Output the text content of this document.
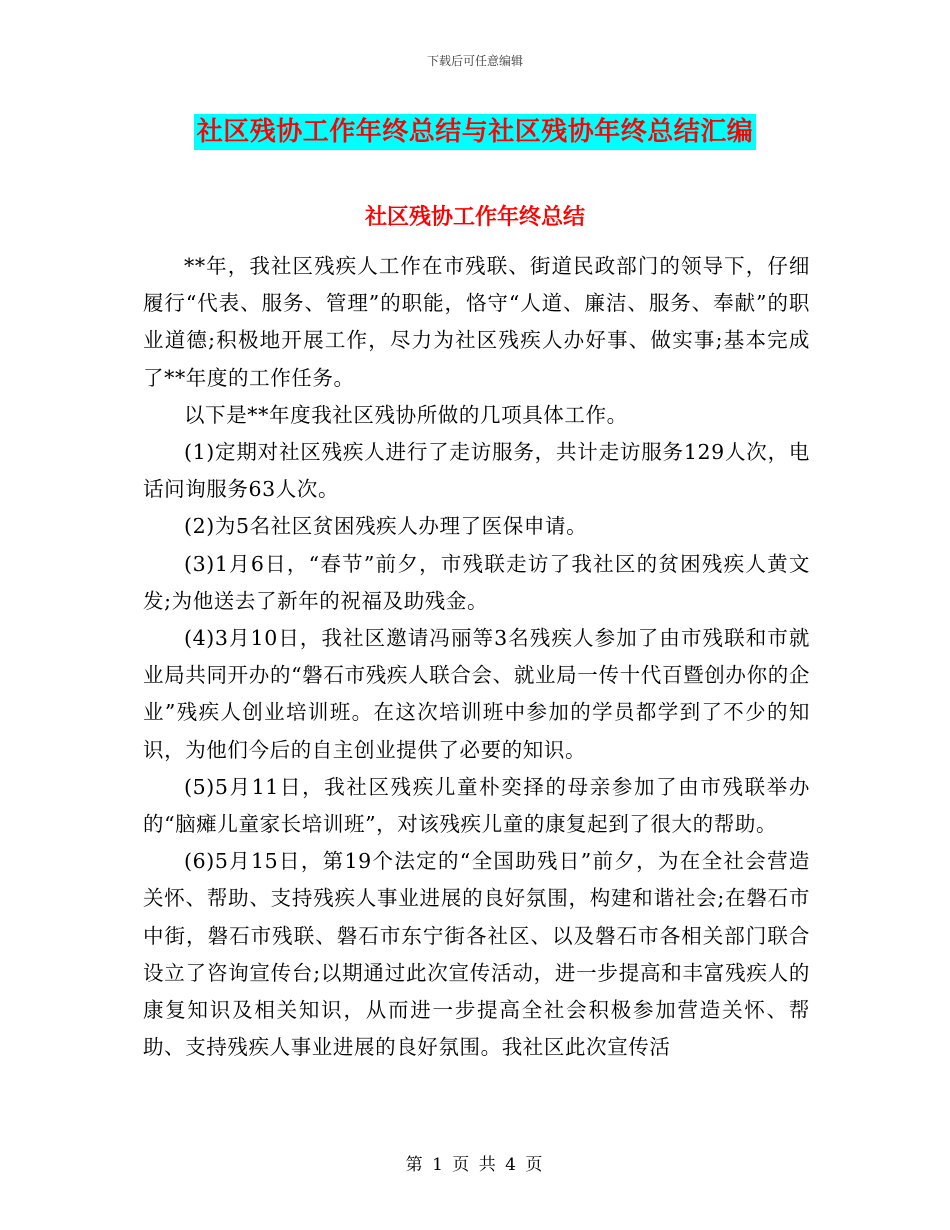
下载后可任意编辑
社区残协工作年终总结与社区残协年终总结汇编
社区残协工作年终总结

**年，我社区残疾人工作在市残联、街道民政部门的领导下，仔细履行“代表、服务、管理”的职能，恪守“人道、廉洁、服务、奉献”的职业道德;积极地开展工作，尽力为社区残疾人办好事、做实事;基本完成了**年度的工作任务。

以下是**年度我社区残协所做的几项具体工作。

(1)定期对社区残疾人进行了走访服务，共计走访服务129人次，电话问询服务63人次。

(2)为5名社区贫困残疾人办理了医保申请。

(3)1月6日，“春节”前夕，市残联走访了我社区的贫困残疾人黄文发;为他送去了新年的祝福及助残金。

(4)3月10日，我社区邀请冯丽等3名残疾人参加了由市残联和市就业局共同开办的“磐石市残疾人联合会、就业局一传十代百暨创办你的企业”残疾人创业培训班。在这次培训班中参加的学员都学到了不少的知识，为他们今后的自主创业提供了必要的知识。

(5)5月11日，我社区残疾儿童朴奕择的母亲参加了由市残联举办的“脑瘫儿童家长培训班”，对该残疾儿童的康复起到了很大的帮助。

(6)5月15日，第19个法定的“全国助残日”前夕，为在全社会营造关怀、帮助、支持残疾人事业进展的良好氛围，构建和谐社会;在磐石市中街，磐石市残联、磐石市东宁街各社区、以及磐石市各相关部门联合设立了咨询宣传台;以期通过此次宣传活动，进一步提高和丰富残疾人的康复知识及相关知识，从而进一步提高全社会积极参加营造关怀、帮助、支持残疾人事业进展的良好氛围。我社区此次宣传活

第 1 页 共 4 页
